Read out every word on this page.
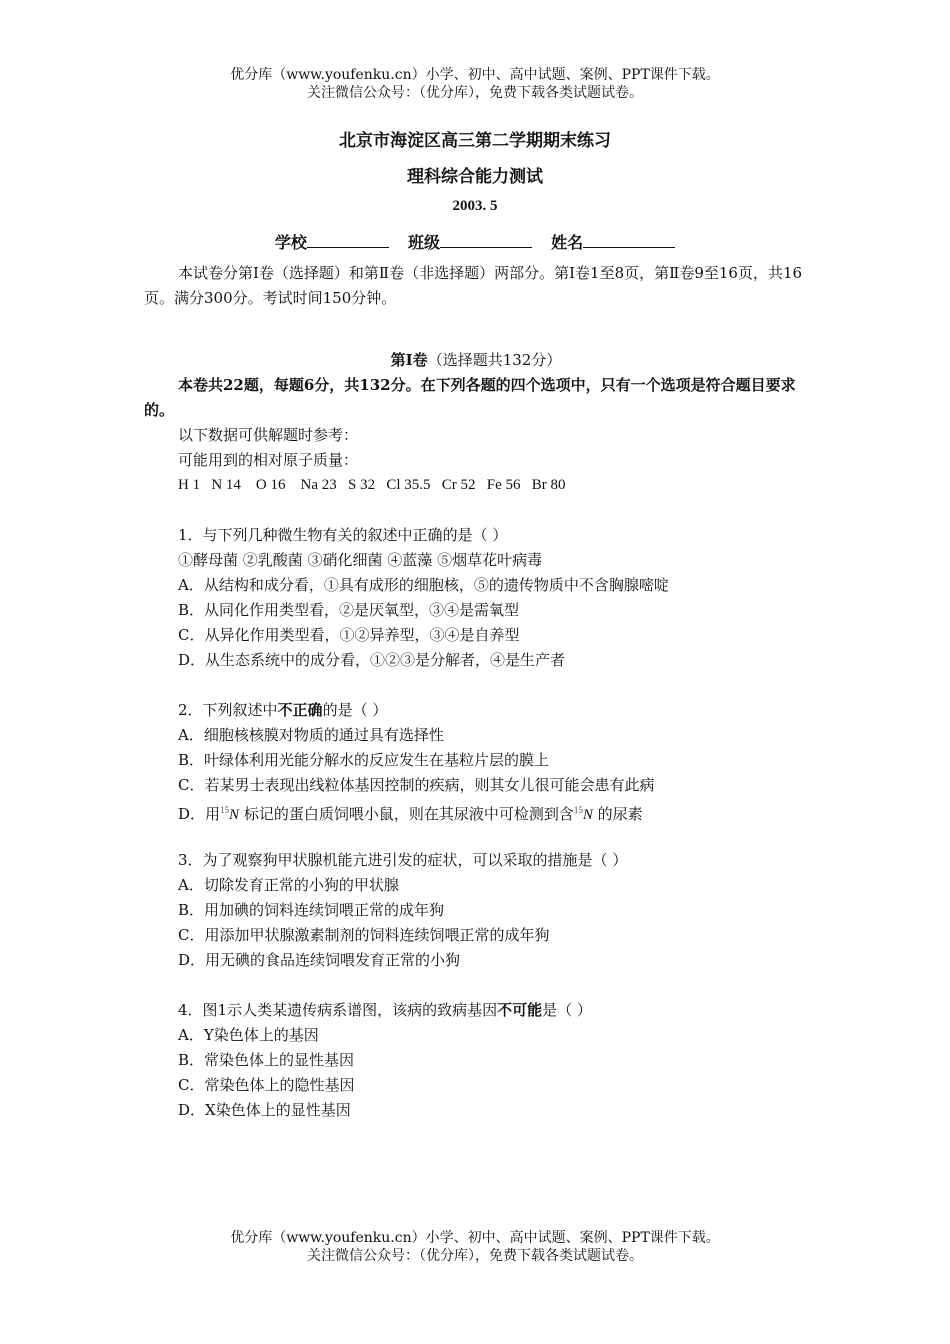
优分库（www.youfenku.cn）小学、初中、高中试题、案例、PPT课件下载。
关注微信公众号：（优分库），免费下载各类试题试卷。
北京市海淀区高三第二学期期末练习
理科综合能力测试
2003. 5
学校	班级	姓名
本试卷分第Ⅰ卷（选择题）和第Ⅱ卷（非选择题）两部分。第Ⅰ卷1至8页，第Ⅱ卷9至16页，共16页。满分300分。考试时间150分钟。
第Ⅰ卷（选择题共132分）
本卷共22题，每题6分，共132分。在下列各题的四个选项中，只有一个选项是符合题目要求的。
以下数据可供解题时参考：
可能用到的相对原子质量：
H 1   N 14    O 16    Na 23   S 32   Cl 35.5   Cr 52   Fe 56   Br 80
1．与下列几种微生物有关的叙述中正确的是（ ）
①酵母菌 ②乳酸菌 ③硝化细菌 ④蓝藻 ⑤烟草花叶病毒
A．从结构和成分看，①具有成形的细胞核，⑤的遗传物质中不含胸腺嘧啶
B．从同化作用类型看，②是厌氧型，③④是需氧型
C．从异化作用类型看，①②异养型，③④是自养型
D．从生态系统中的成分看，①②③是分解者，④是生产者
2．下列叙述中不正确的是（ ）
A．细胞核核膜对物质的通过具有选择性
B．叶绿体利用光能分解水的反应发生在基粒片层的膜上
C．若某男士表现出线粒体基因控制的疾病，则其女儿很可能会患有此病
D．用$^{15}$N 标记的蛋白质饲喂小鼠，则在其尿液中可检测到含$^{15}$N 的尿素
3．为了观察狗甲状腺机能亢进引发的症状，可以采取的措施是（ ）
A．切除发育正常的小狗的甲状腺
B．用加碘的饲料连续饲喂正常的成年狗
C．用添加甲状腺激素制剂的饲料连续饲喂正常的成年狗
D．用无碘的食品连续饲喂发育正常的小狗
4．图1示人类某遗传病系谱图，该病的致病基因不可能是（ ）
A．Y染色体上的基因
B．常染色体上的显性基因
C．常染色体上的隐性基因
D．X染色体上的显性基因
优分库（www.youfenku.cn）小学、初中、高中试题、案例、PPT课件下载。
关注微信公众号：（优分库），免费下载各类试题试卷。
